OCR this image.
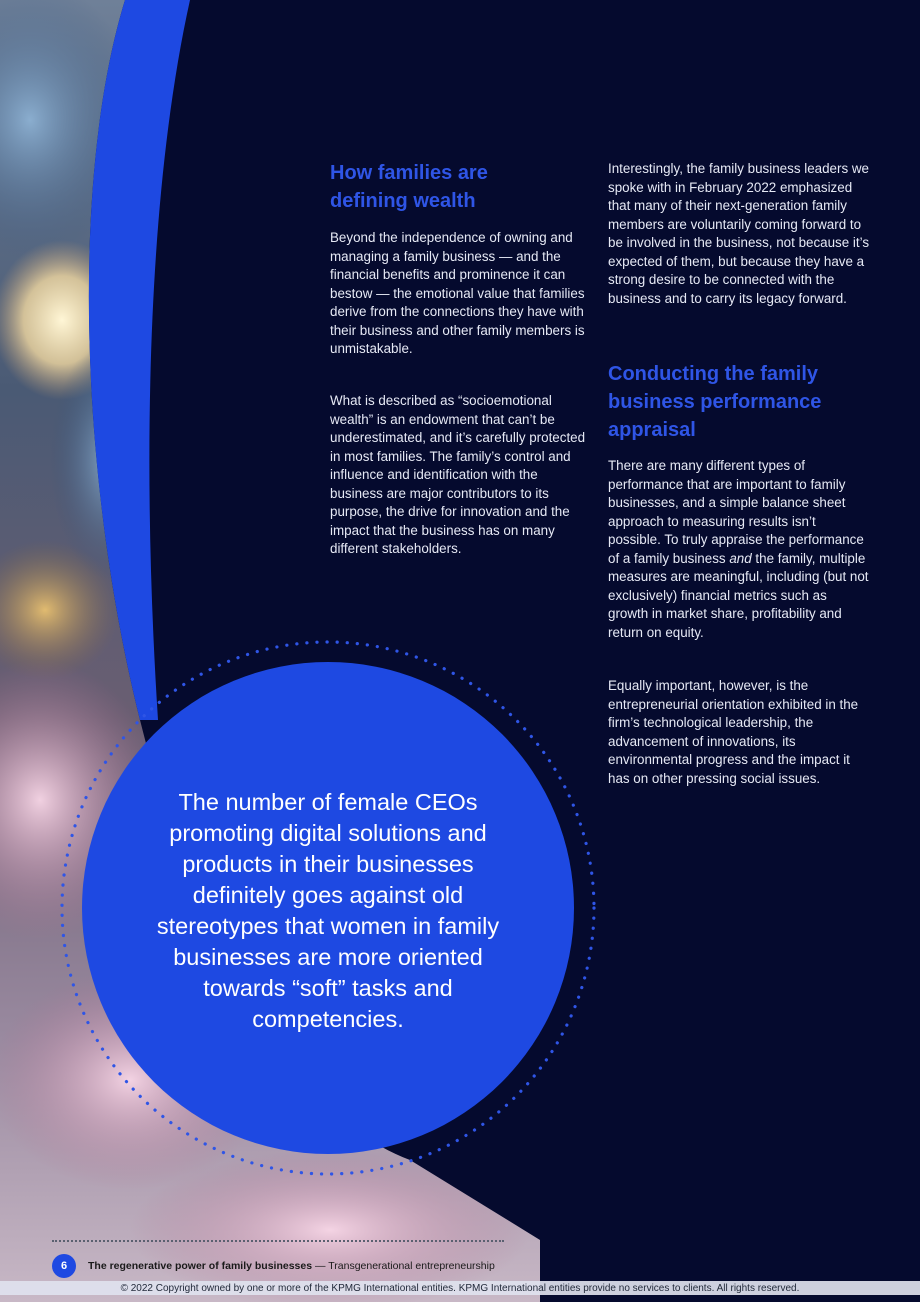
How families are defining wealth

Beyond the independence of owning and managing a family business — and the financial benefits and prominence it can bestow — the emotional value that families derive from the connections they have with their business and other family members is unmistakable.

What is described as “socioemotional wealth” is an endowment that can’t be underestimated, and it’s carefully protected in most families. The family’s control and influence and identification with the business are major contributors to its purpose, the drive for innovation and the impact that the business has on many different stakeholders.

Interestingly, the family business leaders we spoke with in February 2022 emphasized that many of their next-generation family members are voluntarily coming forward to be involved in the business, not because it’s expected of them, but because they have a strong desire to be connected with the business and to carry its legacy forward.

Conducting the family business performance appraisal

There are many different types of performance that are important to family businesses, and a simple balance sheet approach to measuring results isn’t possible. To truly appraise the performance of a family business and the family, multiple measures are meaningful, including (but not exclusively) financial metrics such as growth in market share, profitability and return on equity.

Equally important, however, is the entrepreneurial orientation exhibited in the firm’s technological leadership, the advancement of innovations, its environmental progress and the impact it has on other pressing social issues.

The number of female CEOs promoting digital solutions and products in their businesses definitely goes against old stereotypes that women in family businesses are more oriented towards “soft” tasks and competencies.

6	The regenerative power of family businesses — Transgenerational entrepreneurship
© 2022 Copyright owned by one or more of the KPMG International entities. KPMG International entities provide no services to clients. All rights reserved.
